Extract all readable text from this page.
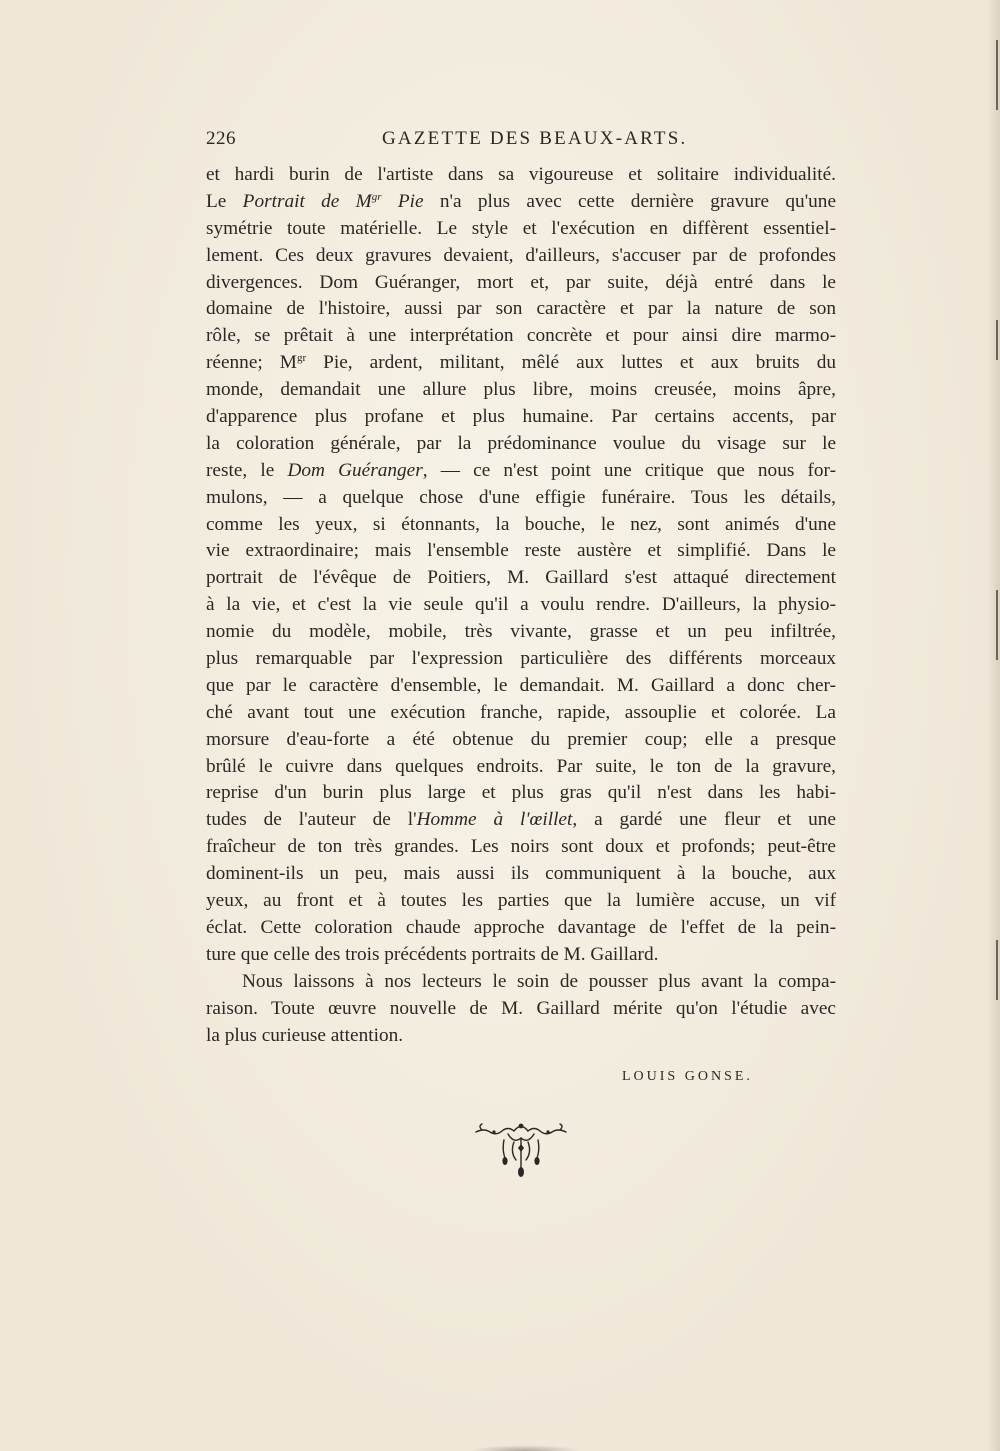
226	GAZETTE DES BEAUX-ARTS.
et hardi burin de l'artiste dans sa vigoureuse et solitaire individualité.
Le Portrait de $M^{gr}$ Pie n'a plus avec cette dernière gravure qu'une
symétrie toute matérielle. Le style et l'exécution en diffèrent essentiel-
lement. Ces deux gravures devaient, d'ailleurs, s'accuser par de profondes
divergences. Dom Guéranger, mort et, par suite, déjà entré dans le
domaine de l'histoire, aussi par son caractère et par la nature de son
rôle, se prêtait à une interprétation concrète et pour ainsi dire marmo-
réenne; $M^{gr}$ Pie, ardent, militant, mêlé aux luttes et aux bruits du
monde, demandait une allure plus libre, moins creusée, moins âpre,
d'apparence plus profane et plus humaine. Par certains accents, par
la coloration générale, par la prédominance voulue du visage sur le
reste, le Dom Guéranger, — ce n'est point une critique que nous for-
mulons, — a quelque chose d'une effigie funéraire. Tous les détails,
comme les yeux, si étonnants, la bouche, le nez, sont animés d'une
vie extraordinaire; mais l'ensemble reste austère et simplifié. Dans le
portrait de l'évêque de Poitiers, M. Gaillard s'est attaqué directement
à la vie, et c'est la vie seule qu'il a voulu rendre. D'ailleurs, la physio-
nomie du modèle, mobile, très vivante, grasse et un peu infiltrée,
plus remarquable par l'expression particulière des différents morceaux
que par le caractère d'ensemble, le demandait. M. Gaillard a donc cher-
ché avant tout une exécution franche, rapide, assouplie et colorée. La
morsure d'eau-forte a été obtenue du premier coup; elle a presque
brûlé le cuivre dans quelques endroits. Par suite, le ton de la gravure,
reprise d'un burin plus large et plus gras qu'il n'est dans les habi-
tudes de l'auteur de l'Homme à l'œillet, a gardé une fleur et une
fraîcheur de ton très grandes. Les noirs sont doux et profonds; peut-être
dominent-ils un peu, mais aussi ils communiquent à la bouche, aux
yeux, au front et à toutes les parties que la lumière accuse, un vif
éclat. Cette coloration chaude approche davantage de l'effet de la pein-
ture que celle des trois précédents portraits de M. Gaillard.
Nous laissons à nos lecteurs le soin de pousser plus avant la compa-
raison. Toute œuvre nouvelle de M. Gaillard mérite qu'on l'étudie avec
la plus curieuse attention.
LOUIS GONSE.
